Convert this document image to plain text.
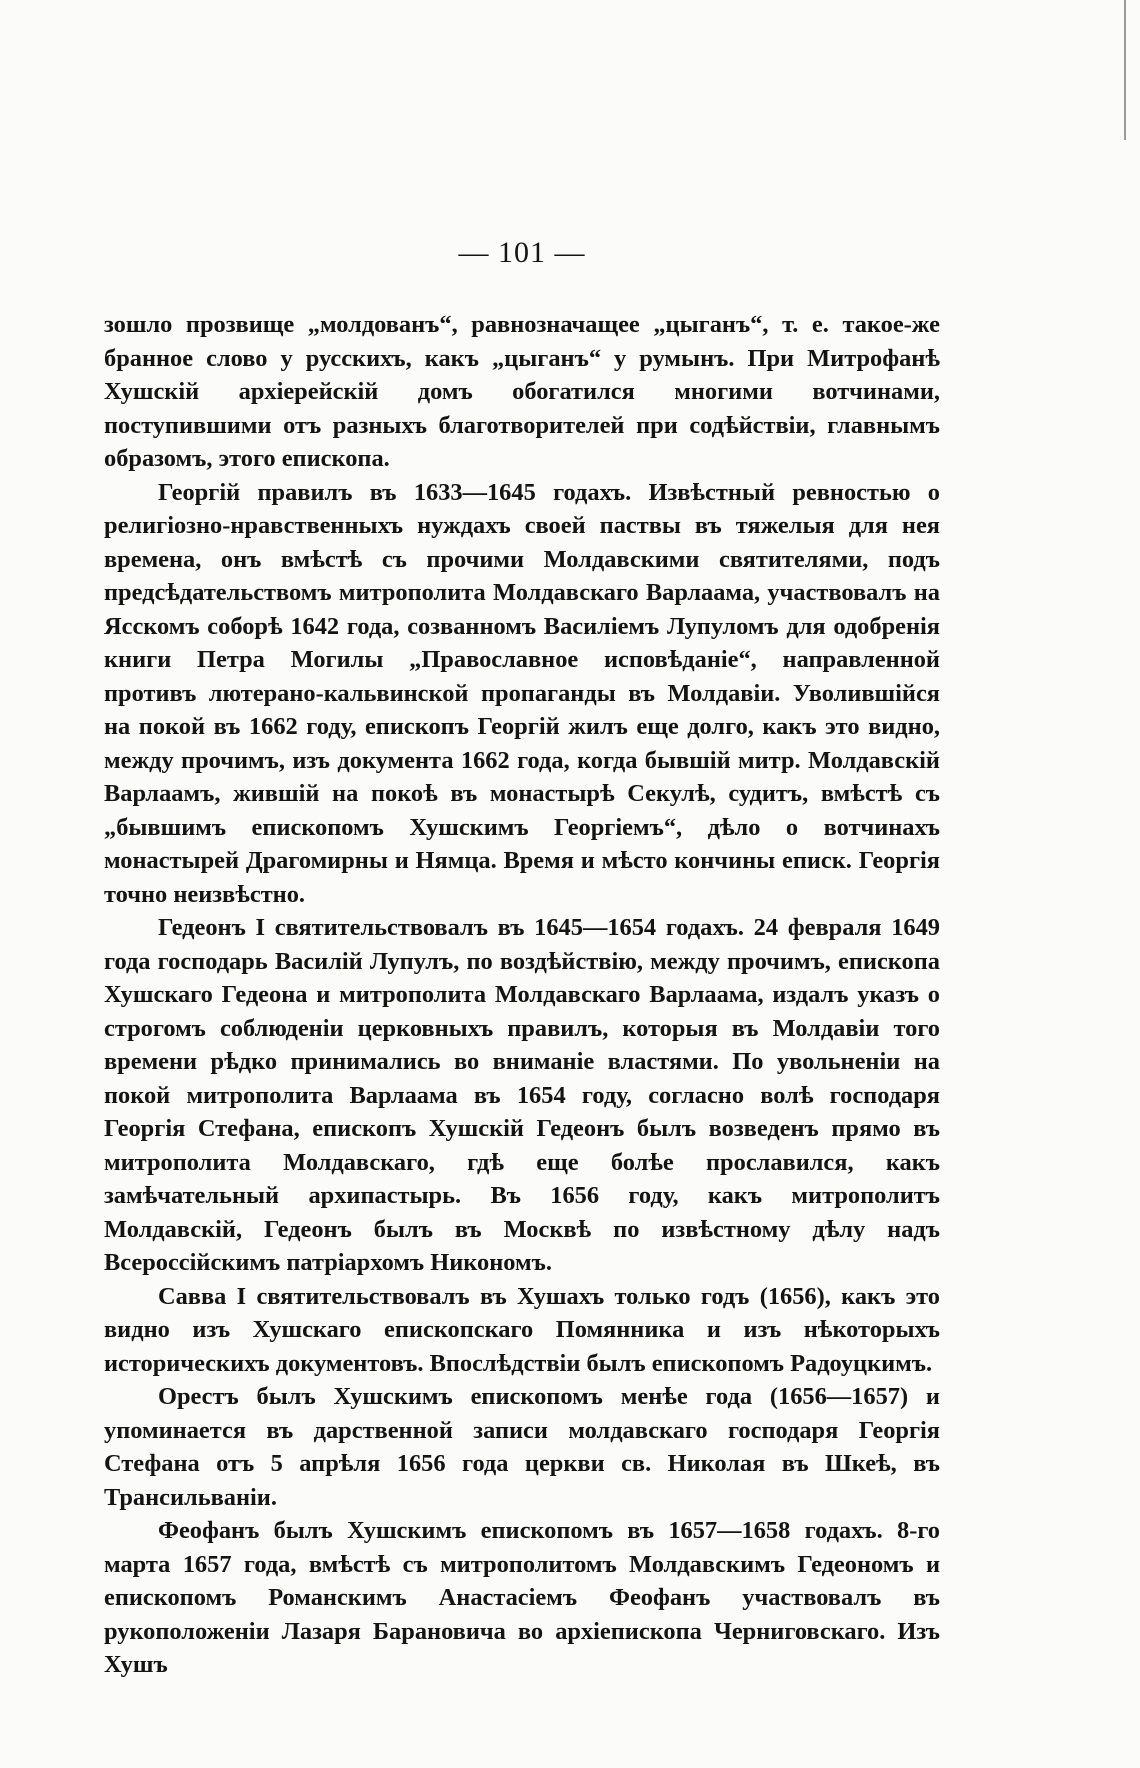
— 101 —

зошло прозвище „молдованъ“, равнозначащее „цыганъ“, т. е. такое-же бранное слово у русскихъ, какъ „цыганъ“ у румынъ. При Митрофанѣ Хушскій архіерейскій домъ обогатился многими вотчинами, поступившими отъ разныхъ благотворителей при содѣйствіи, главнымъ образомъ, этого епископа.

Георгій правилъ въ 1633—1645 годахъ. Извѣстный ревностью о религіозно-нравственныхъ нуждахъ своей паствы въ тяжелыя для нея времена, онъ вмѣстѣ съ прочими Молдавскими святителями, подъ предсѣдательствомъ митрополита Молдавскаго Варлаама, участвовалъ на Ясскомъ соборѣ 1642 года, созванномъ Василіемъ Лупуломъ для одобренія книги Петра Могилы „Православное исповѣданіе“, направленной противъ лютерано-кальвинской пропаганды въ Молдавіи. Уволившійся на покой въ 1662 году, епископъ Георгій жилъ еще долго, какъ это видно, между прочимъ, изъ документа 1662 года, когда бывшій митр. Молдавскій Варлаамъ, жившій на покоѣ въ монастырѣ Секулѣ, судитъ, вмѣстѣ съ „бывшимъ епископомъ Хушскимъ Георгіемъ“, дѣло о вотчинахъ монастырей Драгомирны и Нямца. Время и мѣсто кончины еписк. Георгія точно неизвѣстно.

Гедеонъ I святительствовалъ въ 1645—1654 годахъ. 24 февраля 1649 года господарь Василій Лупулъ, по воздѣйствію, между прочимъ, епископа Хушскаго Гедеона и митрополита Молдавскаго Варлаама, издалъ указъ о строгомъ соблюденіи церковныхъ правилъ, которыя въ Молдавіи того времени рѣдко принимались во вниманіе властями. По увольненіи на покой митрополита Варлаама въ 1654 году, согласно волѣ господаря Георгія Стефана, епископъ Хушскій Гедеонъ былъ возведенъ прямо въ митрополита Молдавскаго, гдѣ еще болѣе прославился, какъ замѣчательный архипастырь. Въ 1656 году, какъ митрополитъ Молдавскій, Гедеонъ былъ въ Москвѣ по извѣстному дѣлу надъ Всероссійскимъ патріархомъ Никономъ.

Савва I святительствовалъ въ Хушахъ только годъ (1656), какъ это видно изъ Хушскаго епископскаго Помянника и изъ нѣкоторыхъ историческихъ документовъ. Впослѣдствіи былъ епископомъ Радоуцкимъ.

Орестъ былъ Хушскимъ епископомъ менѣе года (1656—1657) и упоминается въ дарственной записи молдавскаго господаря Георгія Стефана отъ 5 апрѣля 1656 года церкви св. Николая въ Шкеѣ, въ Трансильваніи.

Феофанъ былъ Хушскимъ епископомъ въ 1657—1658 годахъ. 8-го марта 1657 года, вмѣстѣ съ митрополитомъ Молдавскимъ Гедеономъ и епископомъ Романскимъ Анастасіемъ Феофанъ участвовалъ въ рукоположеніи Лазаря Барановича во архіепископа Черниговскаго. Изъ Хушъ
